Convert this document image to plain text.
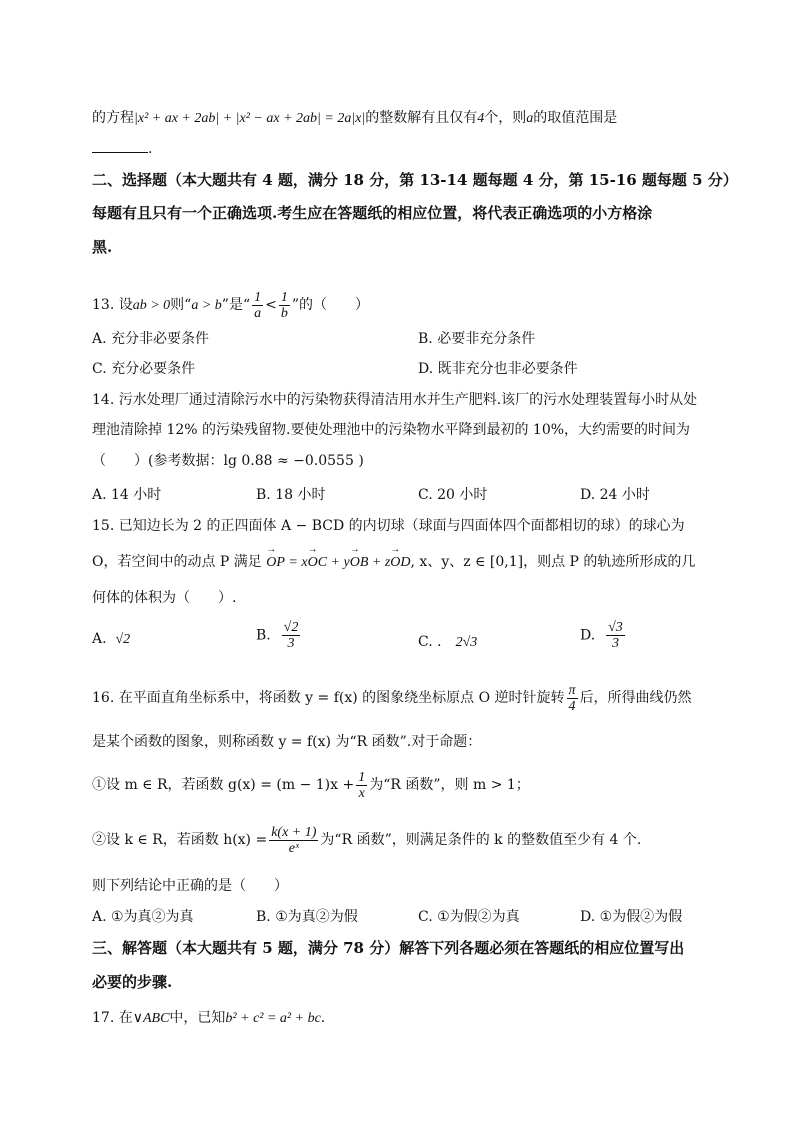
的方程|x² + ax + 2ab| + |x² − ax + 2ab| = 2a|x|的整数解有且仅有4个，则a的取值范围是
.
二、选择题（本大题共有 4 题，满分 18 分，第 13-14 题每题 4 分，第 15-16 题每题 5 分）
每题有且只有一个正确选项.考生应在答题纸的相应位置，将代表正确选项的小方格涂
黑.
13. 设ab > 0则“a > b”是“ $\frac{1}{a} < \frac{1}{b}$ ”的（　　）
A. 充分非必要条件	B. 必要非充分条件
C. 充分必要条件	D. 既非充分也非必要条件
14. 污水处理厂通过清除污水中的污染物获得清洁用水并生产肥料.该厂的污水处理装置每小时从处
理池清除掉 12% 的污染残留物.要使处理池中的污染物水平降到最初的 10%，大约需要的时间为
（　　）(参考数据：lg 0.88 ≈ −0.0555 )
A. 14 小时	B. 18 小时	C. 20 小时	D. 24 小时
15. 已知边长为 2 的正四面体 A − BCD 的内切球（球面与四面体四个面都相切的球）的球心为
O，若空间中的动点 P 满足 → OP = x→ OC + y→ OB + z→ OD, x、y、z ∈ [0,1]，则点 P 的轨迹所形成的几
何体的体积为（　　）.
A. √2	B. $\frac{√2}{3}$	C. ． 2√3	D. $\frac{√3}{3}$
16. 在平面直角坐标系中，将函数 y = f(x) 的图象绕坐标原点 O 逆时针旋转 $\frac{\pi}{4}$ 后，所得曲线仍然
是某个函数的图象，则称函数 y = f(x) 为“R 函数”.对于命题：
①设 m ∈ R，若函数 $g(x) = (m - 1)x + \frac{1}{x}$ 为“R 函数”，则 m > 1；
②设 k ∈ R，若函数 $h(x) = \frac{k(x + 1)}{\text{eˣ}}$ 为“R 函数”，则满足条件的 k 的整数值至少有 4 个.
则下列结论中正确的是（　　）
A. ①为真②为真	B. ①为真②为假	C. ①为假②为真	D. ①为假②为假
三、解答题（本大题共有 5 题，满分 78 分）解答下列各题必须在答题纸的相应位置写出
必要的步骤.
17. 在∨ABC中，已知b² + c² = a² + bc.
